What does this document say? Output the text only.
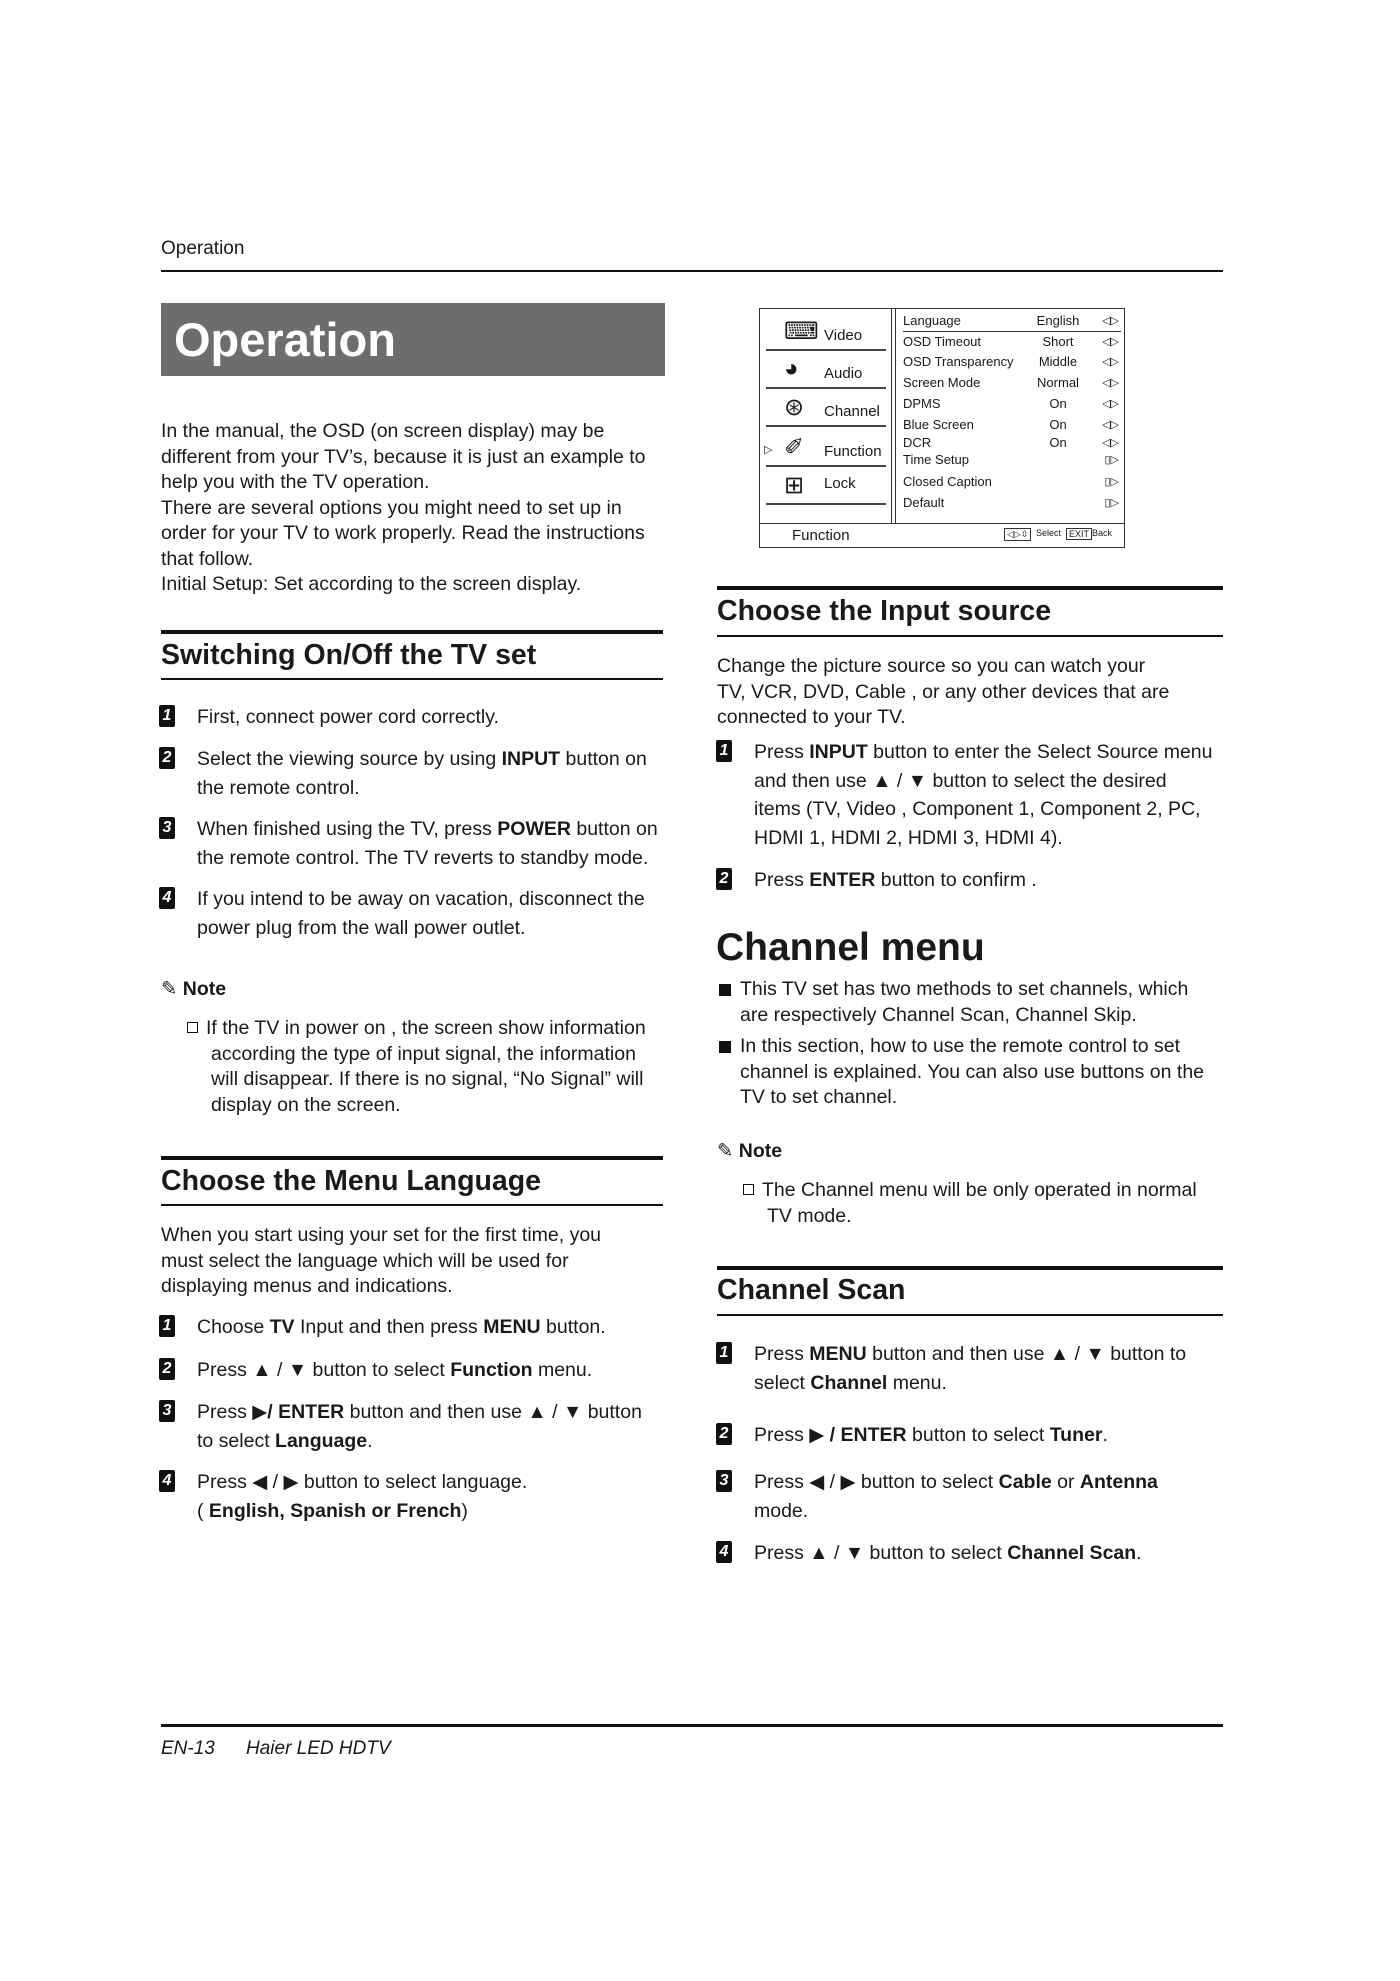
Operation
Operation
In the manual, the OSD (on screen display) may be
different from your TV’s, because it is just an example to
help you with the TV operation.
There are several options you might need to set up in
order for your TV to work properly. Read the instructions
that follow.
Initial Setup: Set according to the screen display.
Switching On/Off the TV set
1 First, connect power cord correctly.
2 Select the viewing source by using INPUT button on
the remote control.
3 When finished using the TV, press POWER button on
the remote control. The TV reverts to standby mode.
4 If you intend to be away on vacation, disconnect the
power plug from the wall power outlet.
✎ Note
If the TV in power on , the screen show information
according the type of input signal, the information
will disappear. If there is no signal, “No Signal” will
display on the screen.
Choose the Menu Language
When you start using your set for the first time, you
must select the language which will be used for
displaying menus and indications.
1 Choose TV Input and then press MENU button.
2 Press ▲ / ▼ button to select Function menu.
3 Press ▶/ ENTER button and then use ▲ / ▼ button
to select Language.
4 Press ◀ / ▶ button to select language.
( English, Spanish or French)
⌨ Video
◕ Audio
⊛ Channel
▷ ✐ Function
⊞ Lock
Language	English	◁▷
OSD Timeout	Short	◁▷
OSD Transparency	Middle	◁▷
Screen Mode	Normal	◁▷
DPMS	On	◁▷
Blue Screen	On	◁▷
DCR	On	◁▷
Time Setup	▯▷
Closed Caption	▯▷
Default	▯▷
Function	◁▷⇳ Select EXIT Back
Choose the Input source
Change the picture source so you can watch your
TV, VCR, DVD, Cable , or any other devices that are
connected to your TV.
1 Press INPUT button to enter the Select Source menu
and then use ▲ / ▼ button to select the desired
items (TV, Video , Component 1, Component 2, PC,
HDMI 1, HDMI 2, HDMI 3, HDMI 4).
2 Press ENTER button to confirm .
Channel menu
This TV set has two methods to set channels, which
are respectively Channel Scan, Channel Skip.
In this section, how to use the remote control to set
channel is explained. You can also use buttons on the
TV to set channel.
✎ Note
The Channel menu will be only operated in normal
TV mode.
Channel Scan
1 Press MENU button and then use ▲ / ▼ button to
select Channel menu.
2 Press ▶ / ENTER button to select Tuner.
3 Press ◀ / ▶ button to select Cable or Antenna
mode.
4 Press ▲ / ▼ button to select Channel Scan.
EN-13 Haier LED HDTV
